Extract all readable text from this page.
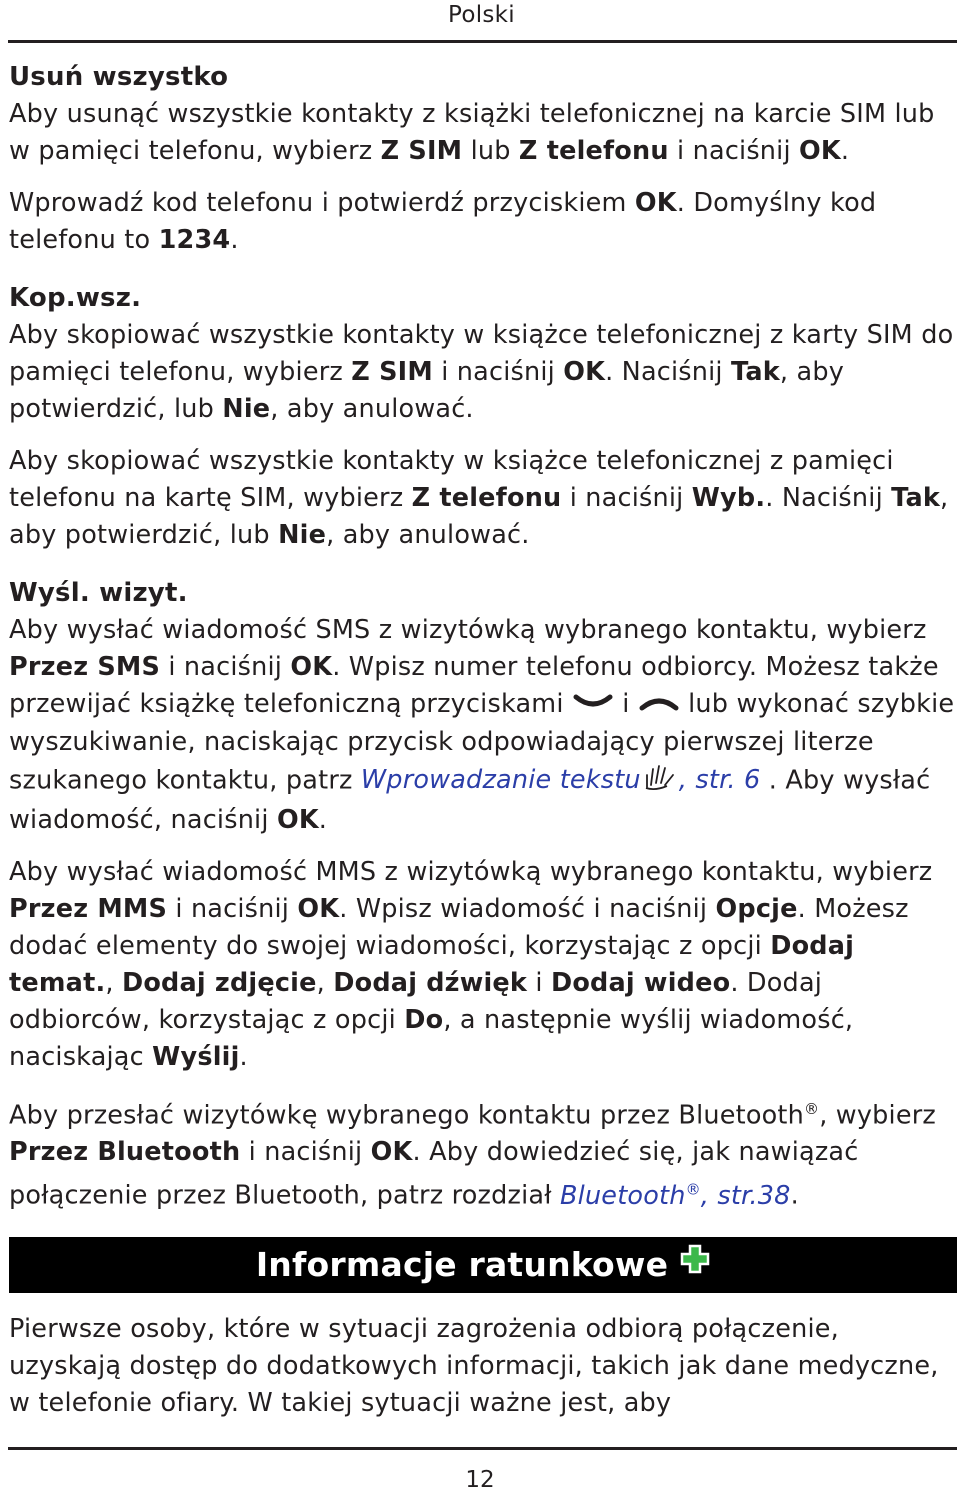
Polski
Usuń wszystko

Aby usunąć wszystkie kontakty z książki telefonicznej na karcie SIM lub w pamięci telefonu, wybierz Z SIM lub Z telefonu i naciśnij OK.

Wprowadź kod telefonu i potwierdź przyciskiem OK. Domyślny kod telefonu to 1234.

Kop.wsz.

Aby skopiować wszystkie kontakty w książce telefonicznej z karty SIM do pamięci telefonu, wybierz Z SIM i naciśnij OK. Naciśnij Tak, aby potwierdzić, lub Nie, aby anulować.

Aby skopiować wszystkie kontakty w książce telefonicznej z pamięci telefonu na kartę SIM, wybierz Z telefonu i naciśnij Wyb.. Naciśnij Tak, aby potwierdzić, lub Nie, aby anulować.

Wyśl. wizyt.

Aby wysłać wiadomość SMS z wizytówką wybranego kontaktu, wybierz Przez SMS i naciśnij OK. Wpisz numer telefonu odbiorcy. Możesz także przewijać książkę telefoniczną przyciskami  i  lub wykonać szybkie wyszukiwanie, naciskając przycisk odpowiadający pierwszej literze szukanego kontaktu, patrz Wprowadzanie tekstu , str. 6 . Aby wysłać wiadomość, naciśnij OK.

Aby wysłać wiadomość MMS z wizytówką wybranego kontaktu, wybierz Przez MMS i naciśnij OK. Wpisz wiadomość i naciśnij Opcje. Możesz dodać elementy do swojej wiadomości, korzystając z opcji Dodaj temat., Dodaj zdjęcie, Dodaj dźwięk i Dodaj wideo. Dodaj odbiorców, korzystając z opcji Do, a następnie wyślij wiadomość, naciskając Wyślij.

Aby przesłać wizytówkę wybranego kontaktu przez Bluetooth®, wybierz Przez Bluetooth i naciśnij OK. Aby dowiedzieć się, jak nawiązać połączenie przez Bluetooth, patrz rozdział Bluetooth®, str.38.

Informacje ratunkowe

Pierwsze osoby, które w sytuacji zagrożenia odbiorą połączenie, uzyskają dostęp do dodatkowych informacji, takich jak dane medyczne, w telefonie ofiary. W takiej sytuacji ważne jest, aby

12
